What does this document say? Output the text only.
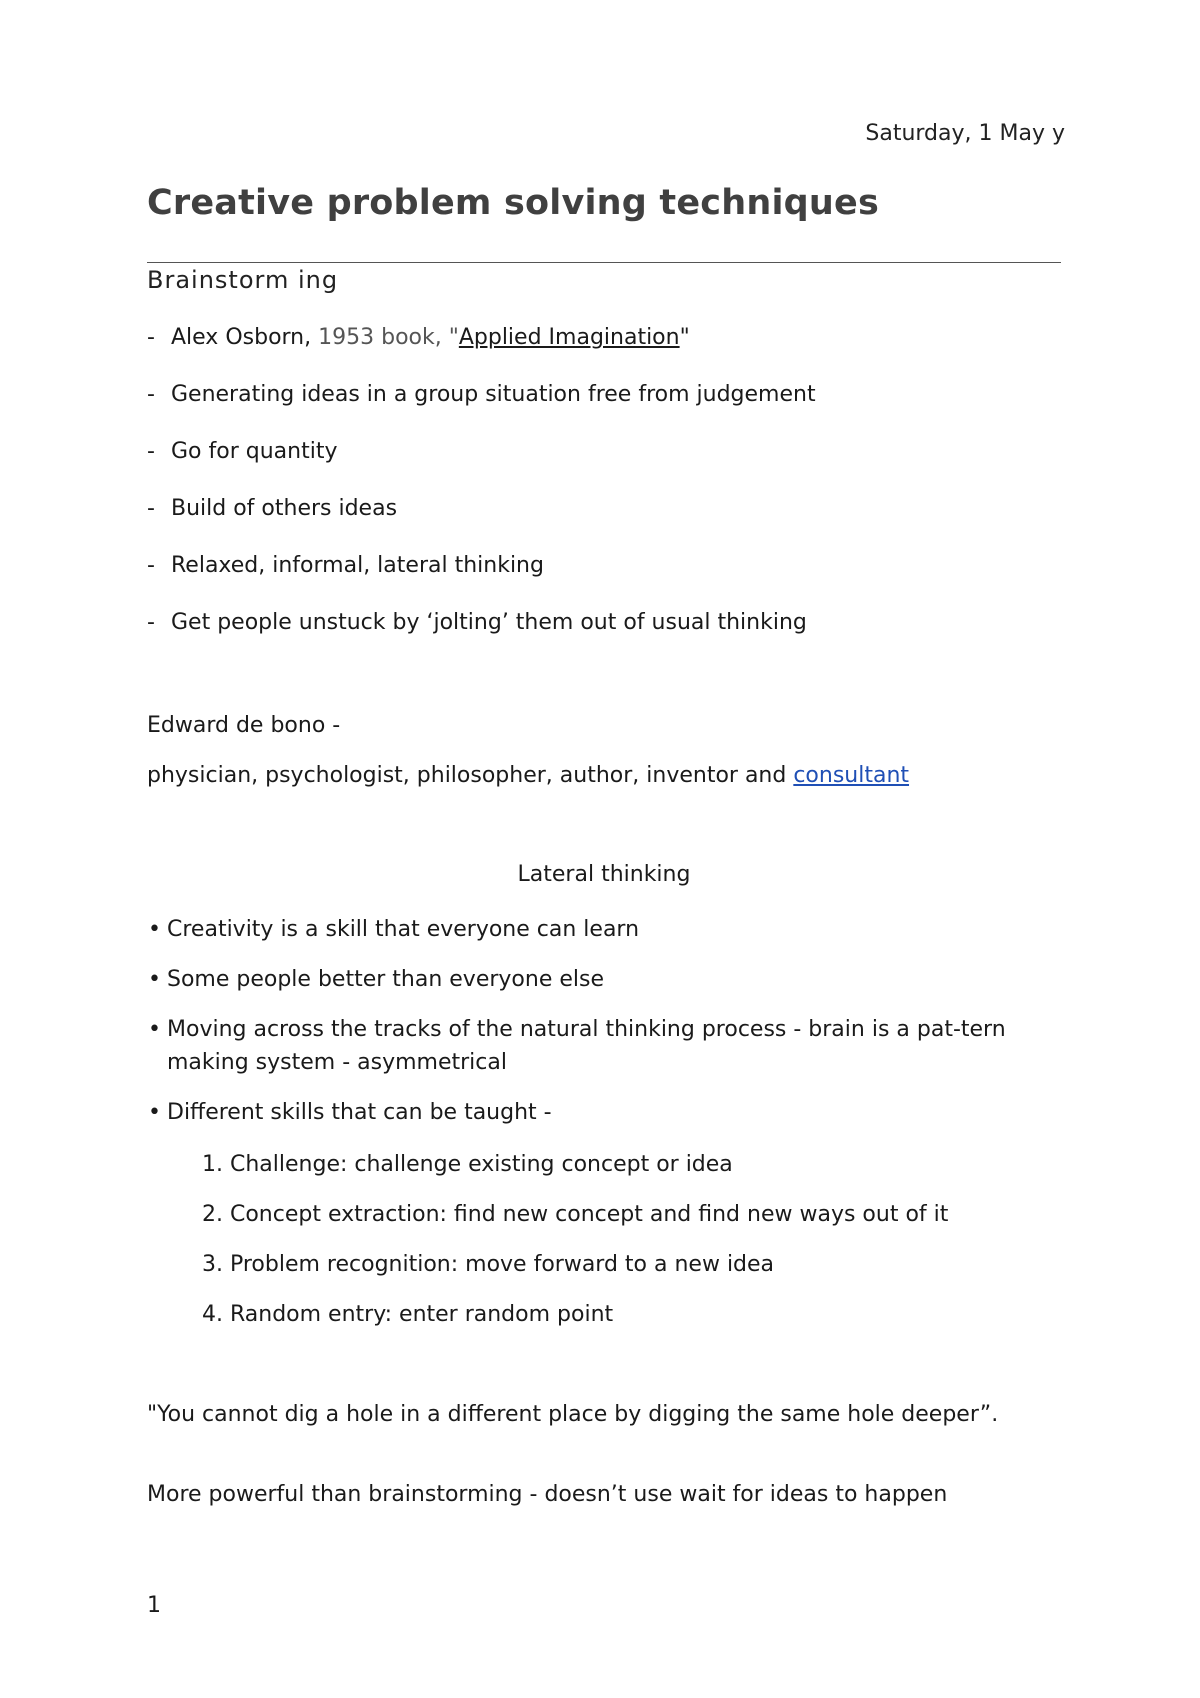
Saturday, 1 May y
Creative problem solving techniques
Brainstorm ing
- Alex Osborn, 1953 book, "Applied Imagination"
- Generating ideas in a group situation free from judgement
- Go for quantity
- Build of others ideas
- Relaxed, informal, lateral thinking
- Get people unstuck by ‘jolting’ them out of usual thinking
Edward de bono -
physician, psychologist, philosopher, author, inventor and consultant
Lateral thinking
• Creativity is a skill that everyone can learn
• Some people better than everyone else
• Moving across the tracks of the natural thinking process - brain is a pat-tern making system - asymmetrical
• Different skills that can be taught -
1. Challenge: challenge existing concept or idea
2. Concept extraction: find new concept and find new ways out of it
3. Problem recognition: move forward to a new idea
4. Random entry: enter random point
"You cannot dig a hole in a different place by digging the same hole deeper”.
More powerful than brainstorming - doesn’t use wait for ideas to happen
1
